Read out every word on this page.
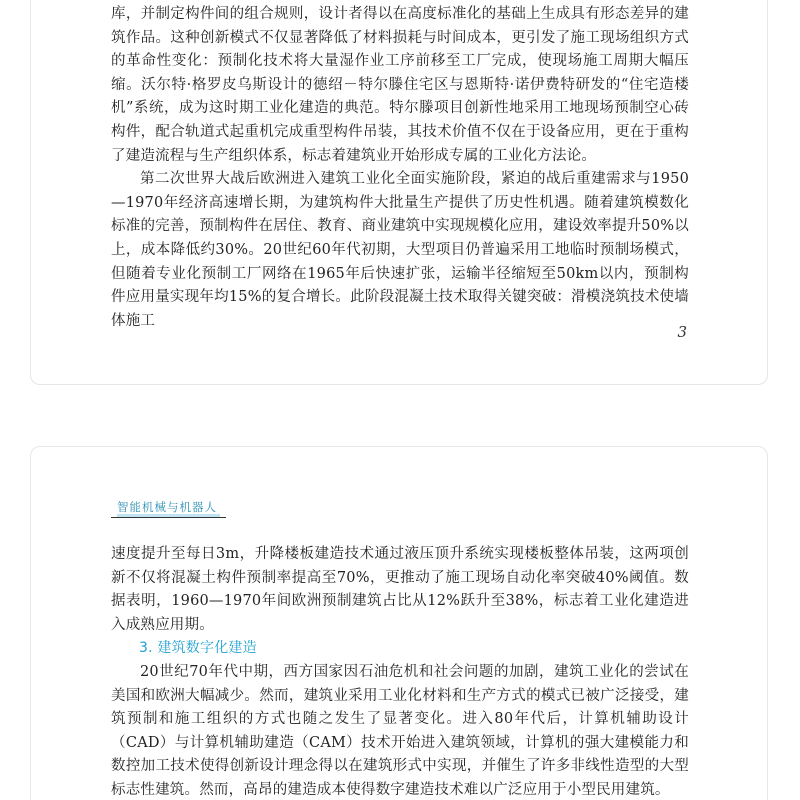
库，并制定构件间的组合规则，设计者得以在高度标准化的基础上生成具有形态差异的建筑作品。这种创新模式不仅显著降低了材料损耗与时间成本，更引发了施工现场组织方式的革命性变化：预制化技术将大量湿作业工序前移至工厂完成，使现场施工周期大幅压缩。沃尔特·格罗皮乌斯设计的德绍－特尔滕住宅区与恩斯特·诺伊费特研发的“住宅造楼机”系统，成为这时期工业化建造的典范。特尔滕项目创新性地采用工地现场预制空心砖构件，配合轨道式起重机完成重型构件吊装，其技术价值不仅在于设备应用，更在于重构了建造流程与生产组织体系，标志着建筑业开始形成专属的工业化方法论。

第二次世界大战后欧洲进入建筑工业化全面实施阶段，紧迫的战后重建需求与1950—1970年经济高速增长期，为建筑构件大批量生产提供了历史性机遇。随着建筑模数化标准的完善，预制构件在居住、教育、商业建筑中实现规模化应用，建设效率提升50%以上，成本降低约30%。20世纪60年代初期，大型项目仍普遍采用工地临时预制场模式，但随着专业化预制工厂网络在1965年后快速扩张，运输半径缩短至50km以内，预制构件应用量实现年均15%的复合增长。此阶段混凝土技术取得关键突破：滑模浇筑技术使墙体施工

3
智能机械与机器人

速度提升至每日3m，升降楼板建造技术通过液压顶升系统实现楼板整体吊装，这两项创新不仅将混凝土构件预制率提高至70%，更推动了施工现场自动化率突破40%阈值。数据表明，1960—1970年间欧洲预制建筑占比从12%跃升至38%，标志着工业化建造进入成熟应用期。

3. 建筑数字化建造

20世纪70年代中期，西方国家因石油危机和社会问题的加剧，建筑工业化的尝试在美国和欧洲大幅减少。然而，建筑业采用工业化材料和生产方式的模式已被广泛接受，建筑预制和施工组织的方式也随之发生了显著变化。进入80年代后，计算机辅助设计（CAD）与计算机辅助建造（CAM）技术开始进入建筑领域，计算机的强大建模能力和数控加工技术使得创新设计理念得以在建筑形式中实现，并催生了许多非线性造型的大型标志性建筑。然而，高昂的建造成本使得数字建造技术难以广泛应用于小型民用建筑。
